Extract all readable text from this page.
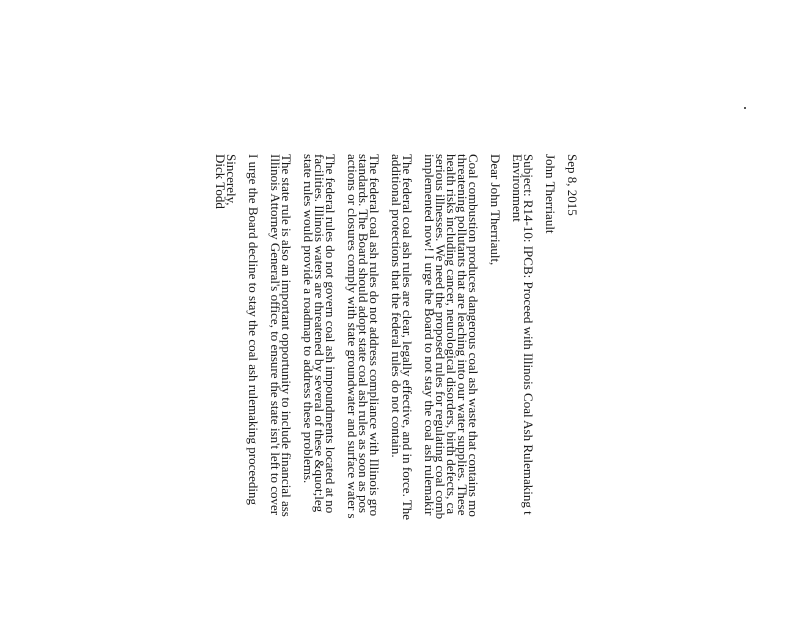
Sep 8, 2015
John Therriault
Subject: R14-10: IPCB: Proceed with Illinois Coal Ash Rulemaking t
Environment
Dear John Therriault,
Coal combustion produces dangerous coal ash waste that contains mo
threatening pollutants that are leaching into our water supplies. These
health risks including cancer, neurological disorders, birth defects, ca
serious illnesses. We need the proposed rules for regulating coal comb
implemented now! I urge the Board to not stay the coal ash rulemakir
The federal coal ash rules are clear, legally effective, and in force. The
additional protections that the federal rules do not contain.
The federal coal ash rules do not address compliance with Illinois gro
standards. The Board should adopt state coal ash rules as soon as pos
actions or closures comply with state groundwater and surface water s
The federal rules do not govern coal ash impoundments located at no
facilities. Illinois waters are threatened by several of these &quot;leg
state rules would provide a roadmap to address these problems.
The state rule is also an important opportunity to include financial ass
Illinois Attorney General's office, to ensure the state isn't left to cover
I urge the Board decline to stay the coal ash rulemaking proceeding
Sincerely,
Dick Todd
